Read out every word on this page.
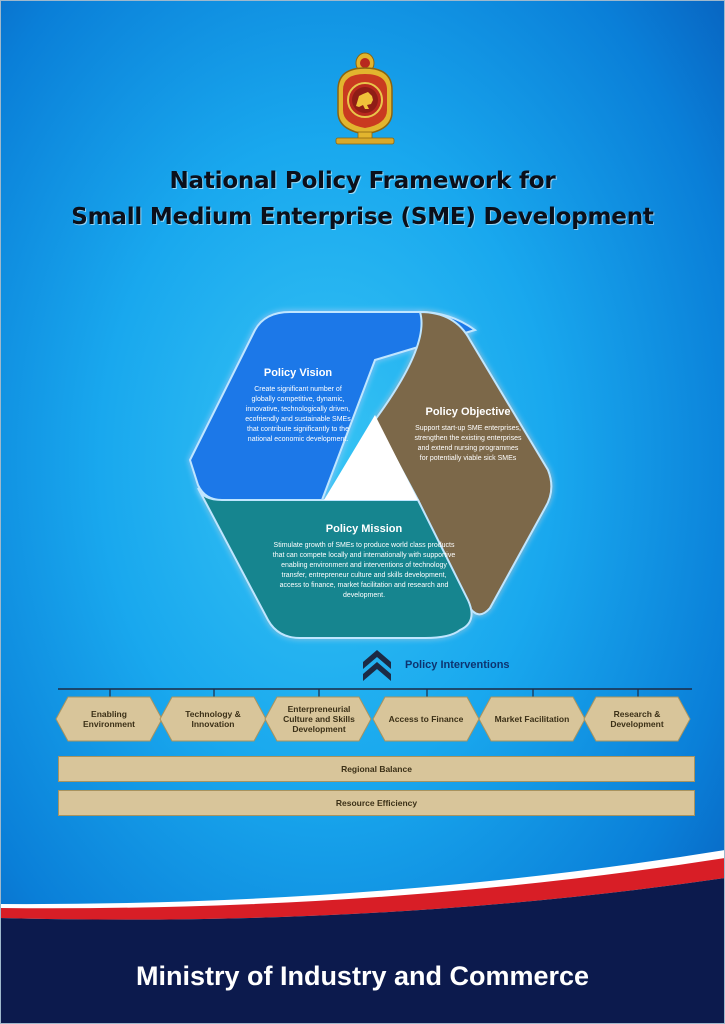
National Policy Framework for
Small Medium Enterprise (SME) Development
Policy Vision
Create significant number of globally competitive, dynamic, innovative, technologically driven, ecofriendly and sustainable SMEs that contribute significantly to the national economic development.
Policy Objective
Support start-up SME enterprises, strengthen the existing enterprises and extend nursing programmes for potentially viable sick SMEs
Policy Mission
Stimulate growth of SMEs to produce world class products that can compete locally and internationally with supportive enabling environment and interventions of technology transfer, entrepreneur culture and skills development, access to finance, market facilitation and research and development.
Policy Interventions
Enabling Environment
Technology & Innovation
Enterpreneurial Culture and Skills Development
Access to Finance	Market Facilitation	Research & Development
Regional Balance
Resource Efficiency
Ministry of Industry and Commerce
